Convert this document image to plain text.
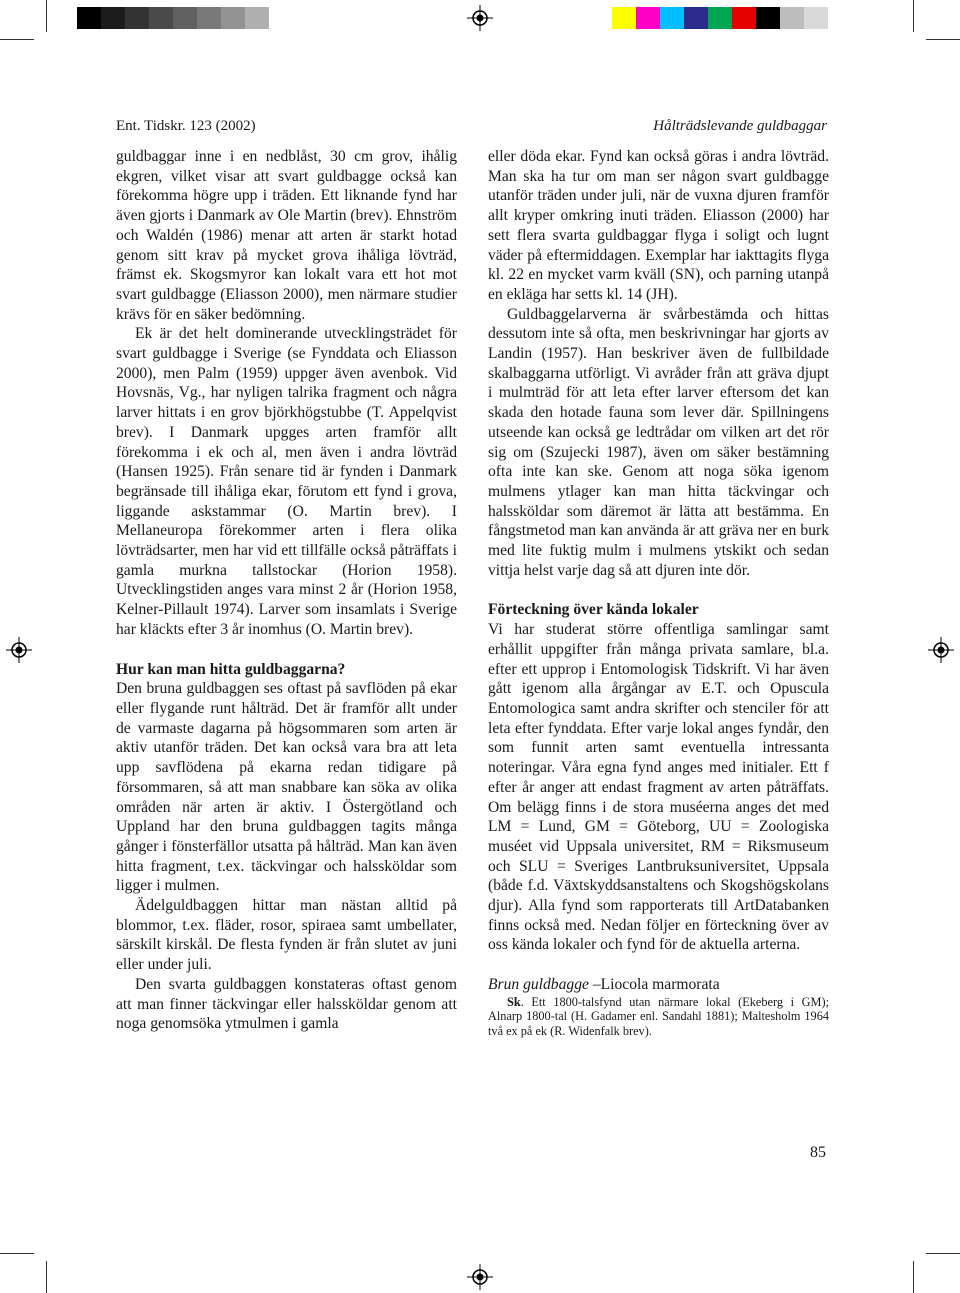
Ent. Tidskr. 123 (2002)	Hålträdslevande guldbaggar

guldbaggar inne i en nedblåst, 30 cm grov, ihålig ekgren, vilket visar att svart guldbagge också kan förekomma högre upp i träden. Ett liknande fynd har även gjorts i Danmark av Ole Martin (brev). Ehnström och Waldén (1986) menar att arten är starkt hotad genom sitt krav på mycket grova ihåliga lövträd, främst ek. Skogsmyror kan lokalt vara ett hot mot svart guldbagge (Eliasson 2000), men närmare studier krävs för en säker bedömning.

Ek är det helt dominerande utvecklingsträdet för svart guldbagge i Sverige (se Fynddata och Eliasson 2000), men Palm (1959) uppger även avenbok. Vid Hovsnäs, Vg., har nyligen talrika fragment och några larver hittats i en grov björkhögstubbe (T. Appelqvist brev). I Danmark upgges arten framför allt förekomma i ek och al, men även i andra lövträd (Hansen 1925). Från senare tid är fynden i Danmark begränsade till ihåliga ekar, förutom ett fynd i grova, liggande askstammar (O. Martin brev). I Mellaneuropa förekommer arten i flera olika lövträdsarter, men har vid ett tillfälle också påträffats i gamla murkna tallstockar (Horion 1958). Utvecklingstiden anges vara minst 2 år (Horion 1958, Kelner-Pillault 1974). Larver som insamlats i Sverige har kläckts efter 3 år inomhus (O. Martin brev).

Hur kan man hitta guldbaggarna?

Den bruna guldbaggen ses oftast på savflöden på ekar eller flygande runt hålträd. Det är framför allt under de varmaste dagarna på högsommaren som arten är aktiv utanför träden. Det kan också vara bra att leta upp savflödena på ekarna redan tidigare på försommaren, så att man snabbare kan söka av olika områden när arten är aktiv. I Östergötland och Uppland har den bruna guldbaggen tagits många gånger i fönsterfällor utsatta på hålträd. Man kan även hitta fragment, t.ex. täckvingar och halssköldar som ligger i mulmen.

Ädelguldbaggen hittar man nästan alltid på blommor, t.ex. fläder, rosor, spiraea samt umbellater, särskilt kirskål. De flesta fynden är från slutet av juni eller under juli.

Den svarta guldbaggen konstateras oftast genom att man finner täckvingar eller halssköldar genom att noga genomsöka ytmulmen i gamla

eller döda ekar. Fynd kan också göras i andra lövträd. Man ska ha tur om man ser någon svart guldbagge utanför träden under juli, när de vuxna djuren framför allt kryper omkring inuti träden. Eliasson (2000) har sett flera svarta guldbaggar flyga i soligt och lugnt väder på eftermiddagen. Exemplar har iakttagits flyga kl. 22 en mycket varm kväll (SN), och parning utanpå en ekläga har setts kl. 14 (JH).

Guldbaggelarverna är svårbestämda och hittas dessutom inte så ofta, men beskrivningar har gjorts av Landin (1957). Han beskriver även de fullbildade skalbaggarna utförligt. Vi avråder från att gräva djupt i mulmträd för att leta efter larver eftersom det kan skada den hotade fauna som lever där. Spillningens utseende kan också ge ledtrådar om vilken art det rör sig om (Szujecki 1987), även om säker bestämning ofta inte kan ske. Genom att noga söka igenom mulmens ytlager kan man hitta täckvingar och halssköldar som däremot är lätta att bestämma. En fångstmetod man kan använda är att gräva ner en burk med lite fuktig mulm i mulmens ytskikt och sedan vittja helst varje dag så att djuren inte dör.

Förteckning över kända lokaler

Vi har studerat större offentliga samlingar samt erhållit uppgifter från många privata samlare, bl.a. efter ett upprop i Entomologisk Tidskrift. Vi har även gått igenom alla årgångar av E.T. och Opuscula Entomologica samt andra skrifter och stenciler för att leta efter fynddata. Efter varje lokal anges fyndår, den som funnit arten samt eventuella intressanta noteringar. Våra egna fynd anges med initialer. Ett f efter år anger att endast fragment av arten påträffats. Om belägg finns i de stora muséerna anges det med LM = Lund, GM = Göteborg, UU = Zoologiska muséet vid Uppsala universitet, RM = Riksmuseum och SLU = Sveriges Lantbruksuniversitet, Uppsala (både f.d. Växtskyddsanstaltens och Skogshögskolans djur). Alla fynd som rapporterats till ArtDatabanken finns också med. Nedan följer en förteckning över av oss kända lokaler och fynd för de aktuella arterna.

Brun guldbagge –Liocola marmorata

Sk. Ett 1800-talsfynd utan närmare lokal (Ekeberg i GM); Alnarp 1800-tal (H. Gadamer enl. Sandahl 1881); Maltesholm 1964 två ex på ek (R. Widenfalk brev).

85
